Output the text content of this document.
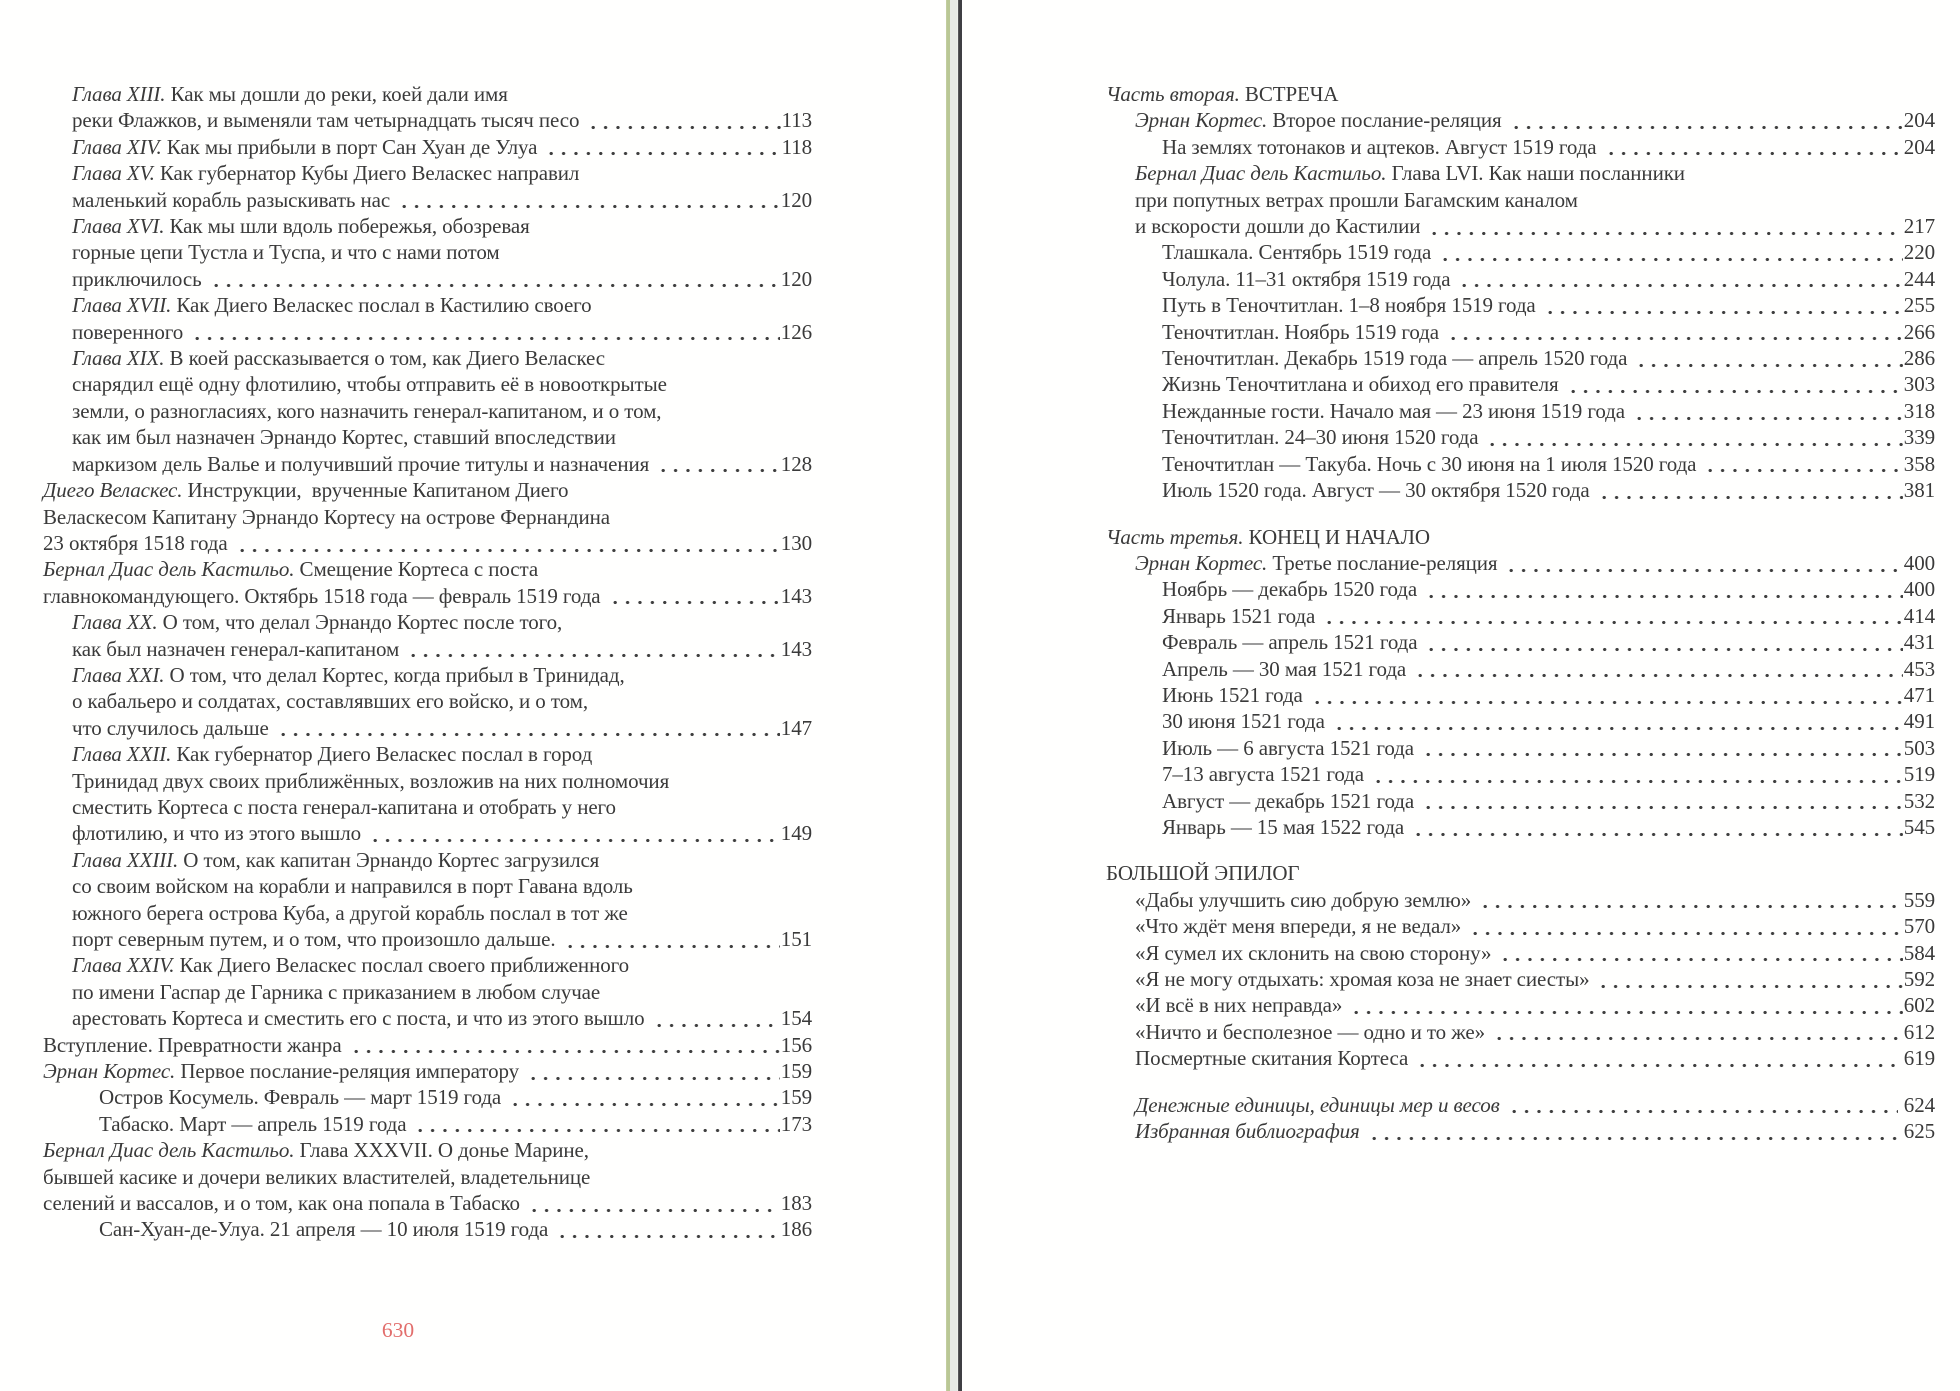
Глава XIII. Как мы дошли до реки, коей дали имя
реки Флажков, и выменяли там четырнадцать тысяч песо	113
Глава XIV. Как мы прибыли в порт Сан Хуан де Улуа	118
Глава XV. Как губернатор Кубы Диего Веласкес направил
маленький корабль разыскивать нас	120
Глава XVI. Как мы шли вдоль побережья, обозревая
горные цепи Тустла и Туспа, и что с нами потом
приключилось	120
Глава XVII. Как Диего Веласкес послал в Кастилию своего
поверенного	126
Глава XIX. В коей рассказывается о том, как Диего Веласкес
снарядил ещё одну флотилию, чтобы отправить её в новооткрытые
земли, о разногласиях, кого назначить генерал-капитаном, и о том,
как им был назначен Эрнандо Кортес, ставший впоследствии
маркизом дель Валье и получивший прочие титулы и назначения	128
Диего Веласкес. Инструкции,  врученные Капитаном Диего
Веласкесом Капитану Эрнандо Кортесу на острове Фернандина
23 октября 1518 года	130
Бернал Диас дель Кастильо. Смещение Кортеса с поста
главнокомандующего. Октябрь 1518 года — февраль 1519 года	143
Глава XX. О том, что делал Эрнандо Кортес после того,
как был назначен генерал-капитаном	143
Глава XXI. О том, что делал Кортес, когда прибыл в Тринидад,
о кабальеро и солдатах, составлявших его войско, и о том,
что случилось дальше	147
Глава XXII. Как губернатор Диего Веласкес послал в город
Тринидад двух своих приближённых, возложив на них полномочия
сместить Кортеса с поста генерал-капитана и отобрать у него
флотилию, и что из этого вышло	149
Глава XXIII. О том, как капитан Эрнандо Кортес загрузился
со своим войском на корабли и направился в порт Гавана вдоль
южного берега острова Куба, а другой корабль послал в тот же
порт северным путем, и о том, что произошло дальше.	151
Глава XXIV. Как Диего Веласкес послал своего приближенного
по имени Гаспар де Гарника с приказанием в любом случае
арестовать Кортеса и сместить его с поста, и что из этого вышло	154
Вступление. Превратности жанра	156
Эрнан Кортес. Первое послание-реляция императору	159
Остров Косумель. Февраль — март 1519 года	159
Табаско. Март — апрель 1519 года	173
Бернал Диас дель Кастильо. Глава XXXVII. О донье Марине,
бывшей касике и дочери великих властителей, владетельнице
селений и вассалов, и о том, как она попала в Табаско	183
Сан-Хуан-де-Улуа. 21 апреля — 10 июля 1519 года	186
630
Часть вторая. ВСТРЕЧА
Эрнан Кортес. Второе послание-реляция	204
На землях тотонаков и ацтеков. Август 1519 года	204
Бернал Диас дель Кастильо. Глава LVI. Как наши посланники
при попутных ветрах прошли Багамским каналом
и вскорости дошли до Кастилии	217
Тлашкала. Сентябрь 1519 года	220
Чолула. 11–31 октября 1519 года	244
Путь в Теночтитлан. 1–8 ноября 1519 года	255
Теночтитлан. Ноябрь 1519 года	266
Теночтитлан. Декабрь 1519 года — апрель 1520 года	286
Жизнь Теночтитлана и обиход его правителя	303
Нежданные гости. Начало мая — 23 июня 1519 года	318
Теночтитлан. 24–30 июня 1520 года	339
Теночтитлан — Такуба. Ночь с 30 июня на 1 июля 1520 года	358
Июль 1520 года. Август — 30 октября 1520 года	381
Часть третья. КОНЕЦ И НАЧАЛО
Эрнан Кортес. Третье послание-реляция	400
Ноябрь — декабрь 1520 года	400
Январь 1521 года	414
Февраль — апрель 1521 года	431
Апрель — 30 мая 1521 года	453
Июнь 1521 года	471
30 июня 1521 года	491
Июль — 6 августа 1521 года	503
7–13 августа 1521 года	519
Август — декабрь 1521 года	532
Январь — 15 мая 1522 года	545
БОЛЬШОЙ ЭПИЛОГ
«Дабы улучшить сию добрую землю»	559
«Что ждёт меня впереди, я не ведал»	570
«Я сумел их склонить на свою сторону»	584
«Я не могу отдыхать: хромая коза не знает сиесты»	592
«И всё в них неправда»	602
«Ничто и бесполезное — одно и то же»	612
Посмертные скитания Кортеса	619
Денежные единицы, единицы мер и весов	624
Избранная библиография	625
